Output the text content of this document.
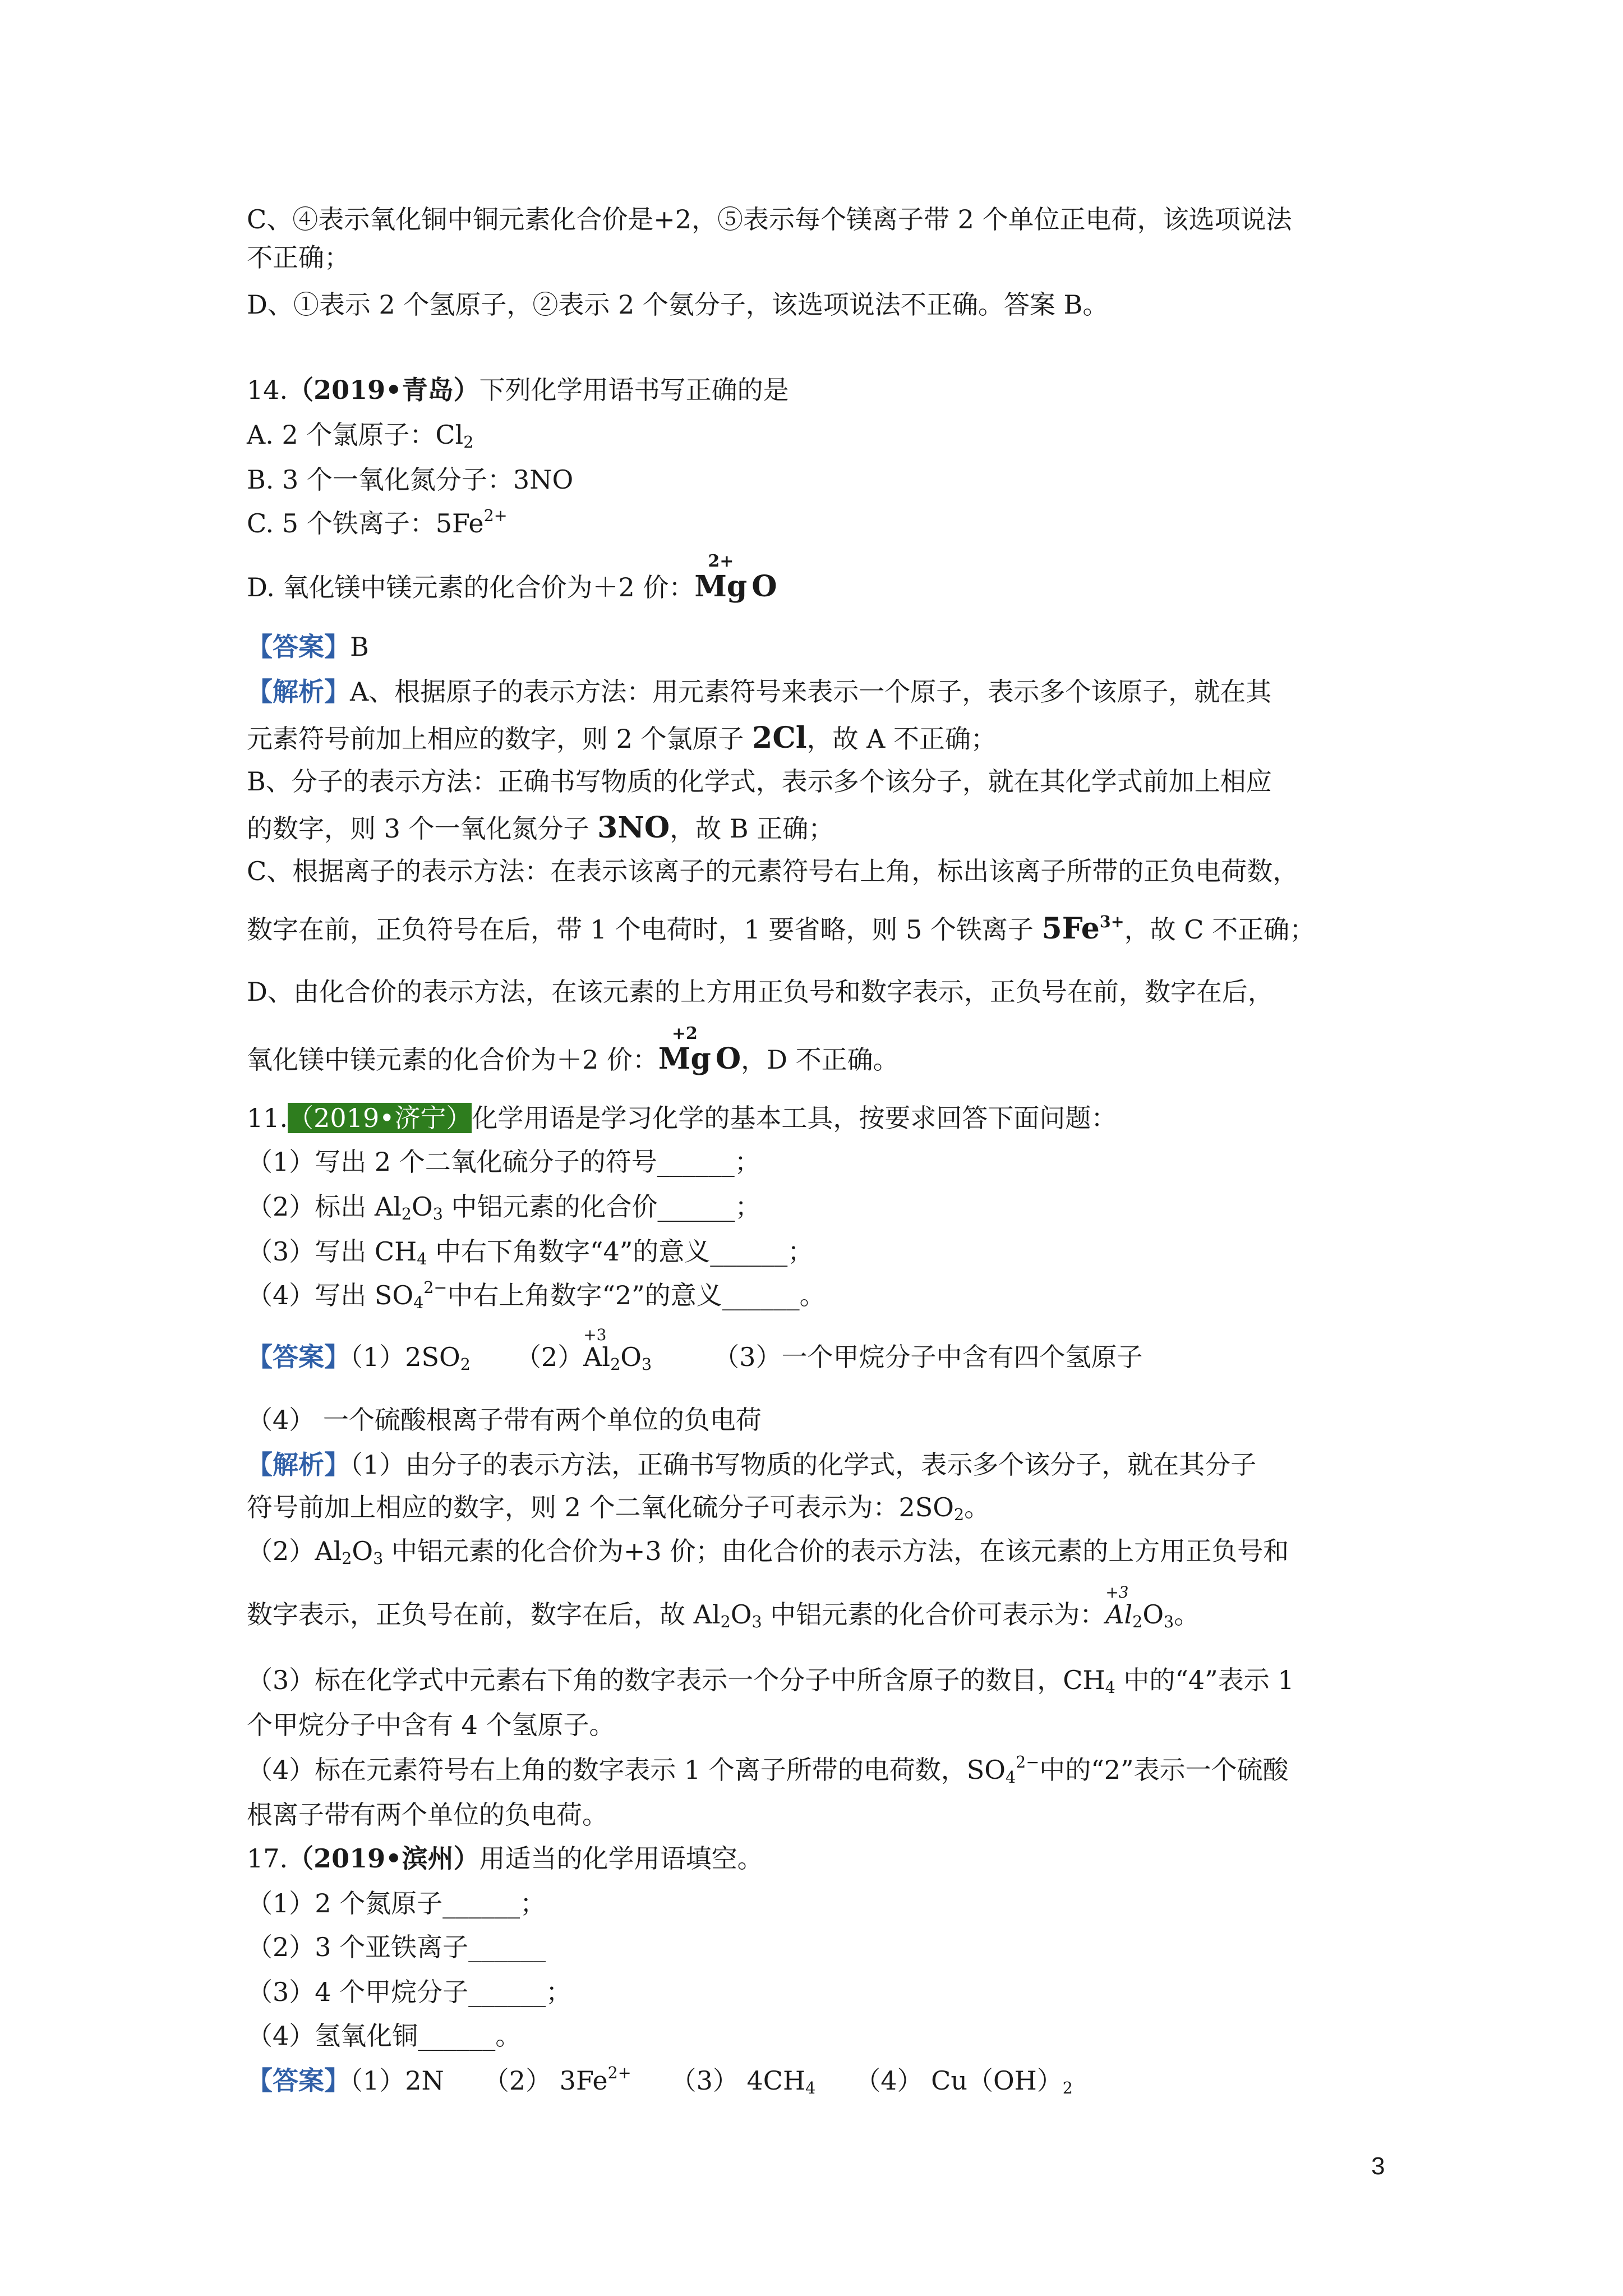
C、④表示氧化铜中铜元素化合价是+2，⑤表示每个镁离子带 2 个单位正电荷，该选项说法
不正确；
D、①表示 2 个氢原子，②表示 2 个氨分子，该选项说法不正确。答案 B。
14.（2019•青岛）下列化学用语书写正确的是
A. 2 个氯原子：$Cl_2$
B. 3 个一氧化氮分子：3NO
C. 5 个铁离子：$5Fe^{2+}$
D. 氧化镁中镁元素的化合价为＋2 价：
2+
Mg O
【答案】B
【解析】A、根据原子的表示方法：用元素符号来表示一个原子，表示多个该原子，就在其
元素符号前加上相应的数字，则 2 个氯原子 2Cl，故 A 不正确；
B、分子的表示方法：正确书写物质的化学式，表示多个该分子，就在其化学式前加上相应
的数字，则 3 个一氧化氮分子 3NO，故 B 正确；
C、根据离子的表示方法：在表示该离子的元素符号右上角，标出该离子所带的正负电荷数，
数字在前，正负符号在后，带 1 个电荷时，1 要省略，则 5 个铁离子 $5Fe^{3+}$，故 C 不正确；
D、由化合价的表示方法，在该元素的上方用正负号和数字表示，正负号在前，数字在后，
氧化镁中镁元素的化合价为＋2 价：
+2
Mg O，D 不正确。
11.（2019•济宁）化学用语是学习化学的基本工具，按要求回答下面问题：
（1）写出 2 个二氧化硫分子的符号______；
（2）标出 $Al_2O_3$ 中铝元素的化合价______；
（3）写出 $CH_4$ 中右下角数字“4”的意义______；
（4）写出 $SO_4^{2-}$中右上角数字“2”的意义______。
【答案】$(1)2SO_2$ （2）
+3
$Al_2O_3$ （3）一个甲烷分子中含有四个氢原子
（4） 一个硫酸根离子带有两个单位的负电荷
【解析】（1）由分子的表示方法，正确书写物质的化学式，表示多个该分子，就在其分子
符号前加上相应的数字，则 2 个二氧化硫分子可表示为：$2SO_2$。
$(2)Al_2O_3$ 中铝元素的化合价为+3 价；由化合价的表示方法，在该元素的上方用正负号和
数字表示，正负号在前，数字在后，故 $Al_2O_3$ 中铝元素的化合价可表示为：
+3
$Al_2O_3$。
（3）标在化学式中元素右下角的数字表示一个分子中所含原子的数目，$CH_4$ 中的“4”表示 1
个甲烷分子中含有 4 个氢原子。
（4）标在元素符号右上角的数字表示 1 个离子所带的电荷数，$SO_4^{2-}$中的“2”表示一个硫酸
根离子带有两个单位的负电荷。
17.（2019•滨州）用适当的化学用语填空。
（1）2 个氮原子______；
（2）3 个亚铁离子______
（3）4 个甲烷分子______；
（4）氢氧化铜______。
【答案】（1）2N （2） $3Fe^{2+}$ （3） $4CH_4$ （4） $Cu(OH)_2$
3
